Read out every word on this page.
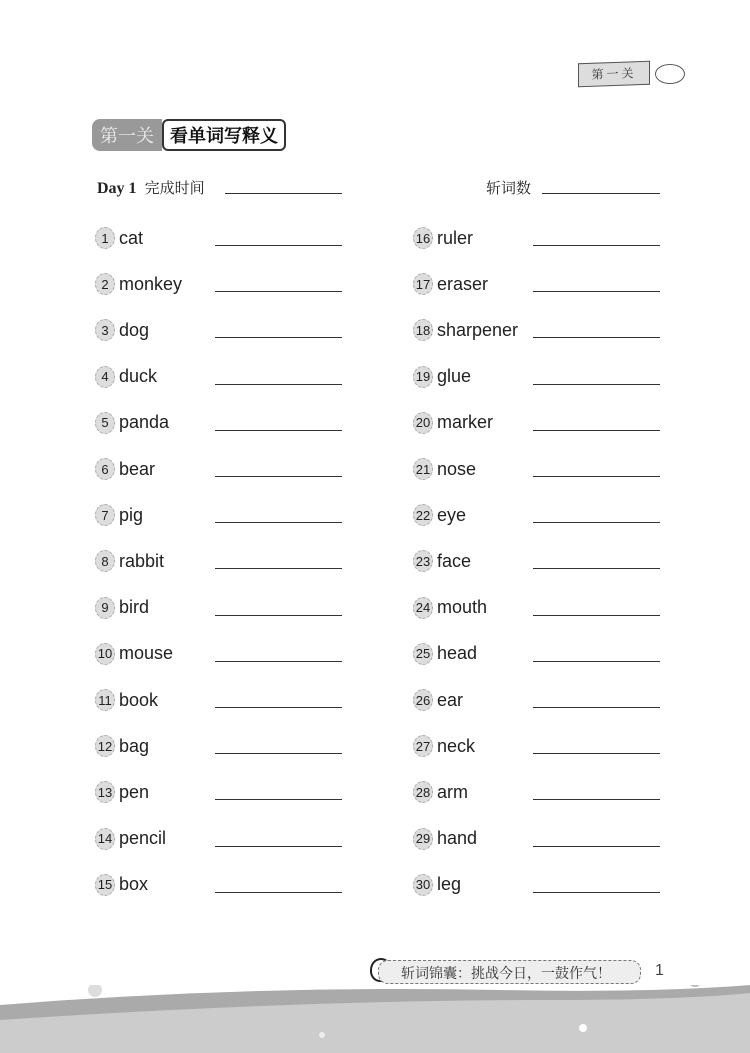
第一关
第一关 看单词写释义
Day 1 完成时间	斩词数
1 cat
2 monkey
3 dog
4 duck
5 panda
6 bear
7 pig
8 rabbit
9 bird
10 mouse
11 book
12 bag
13 pen
14 pencil
15 box
16 ruler
17 eraser
18 sharpener
19 glue
20 marker
21 nose
22 eye
23 face
24 mouth
25 head
26 ear
27 neck
28 arm
29 hand
30 leg
斩词锦囊：挑战今日，一鼓作气！	1
